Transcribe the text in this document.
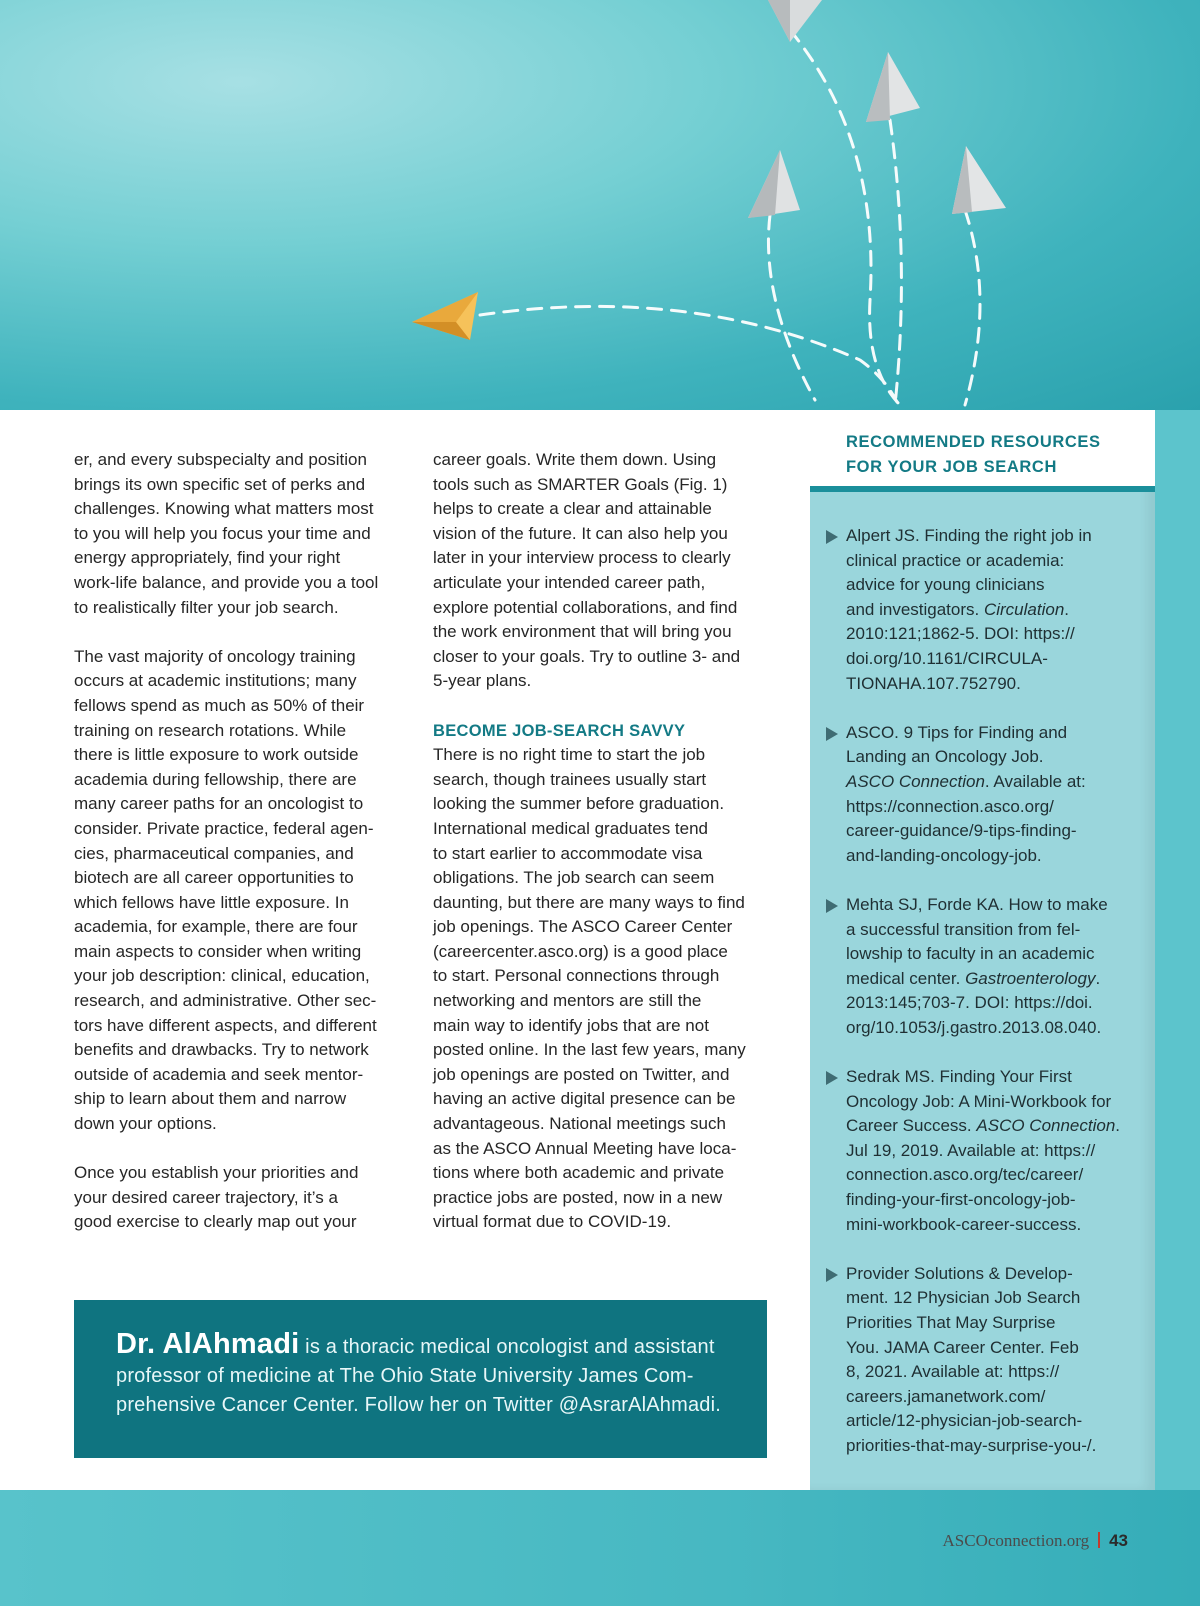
er, and every subspecialty and position
brings its own specific set of perks and
challenges. Knowing what matters most
to you will help you focus your time and
energy appropriately, find your right
work-life balance, and provide you a tool
to realistically filter your job search.

The vast majority of oncology training
occurs at academic institutions; many
fellows spend as much as 50% of their
training on research rotations. While
there is little exposure to work outside
academia during fellowship, there are
many career paths for an oncologist to
consider. Private practice, federal agen-
cies, pharmaceutical companies, and
biotech are all career opportunities to
which fellows have little exposure. In
academia, for example, there are four
main aspects to consider when writing
your job description: clinical, education,
research, and administrative. Other sec-
tors have different aspects, and different
benefits and drawbacks. Try to network
outside of academia and seek mentor-
ship to learn about them and narrow
down your options.

Once you establish your priorities and
your desired career trajectory, it’s a
good exercise to clearly map out your

career goals. Write them down. Using
tools such as SMARTER Goals (Fig. 1)
helps to create a clear and attainable
vision of the future. It can also help you
later in your interview process to clearly
articulate your intended career path,
explore potential collaborations, and find
the work environment that will bring you
closer to your goals. Try to outline 3- and
5-year plans.

BECOME JOB-SEARCH SAVVY

There is no right time to start the job
search, though trainees usually start
looking the summer before graduation.
International medical graduates tend
to start earlier to accommodate visa
obligations. The job search can seem
daunting, but there are many ways to find
job openings. The ASCO Career Center
(careercenter.asco.org) is a good place
to start. Personal connections through
networking and mentors are still the
main way to identify jobs that are not
posted online. In the last few years, many
job openings are posted on Twitter, and
having an active digital presence can be
advantageous. National meetings such
as the ASCO Annual Meeting have loca-
tions where both academic and private
practice jobs are posted, now in a new
virtual format due to COVID-19.

Dr. AlAhmadi is a thoracic medical oncologist and assistant professor of medicine at The Ohio State University James Com-prehensive Cancer Center. Follow her on Twitter @AsrarAlAhmadi.
RECOMMENDED RESOURCES
FOR YOUR JOB SEARCH
Alpert JS. Finding the right job in
clinical practice or academia:
advice for young clinicians
and investigators. Circulation.
2010:121;1862-5. DOI: https://
doi.org/10.1161/CIRCULA-
TIONAHA.107.752790.
ASCO. 9 Tips for Finding and
Landing an Oncology Job.
ASCO Connection. Available at:
https://connection.asco.org/
career-guidance/9-tips-finding-
and-landing-oncology-job.
Mehta SJ, Forde KA. How to make
a successful transition from fel-
lowship to faculty in an academic
medical center. Gastroenterology.
2013:145;703-7. DOI: https://doi.
org/10.1053/j.gastro.2013.08.040.
Sedrak MS. Finding Your First
Oncology Job: A Mini-Workbook for
Career Success. ASCO Connection.
Jul 19, 2019. Available at: https://
connection.asco.org/tec/career/
finding-your-first-oncology-job-
mini-workbook-career-success.
Provider Solutions & Develop-
ment. 12 Physician Job Search
Priorities That May Surprise
You. JAMA Career Center. Feb
8, 2021. Available at: https://
careers.jamanetwork.com/
article/12-physician-job-search-
priorities-that-may-surprise-you-/.
ASCOconnection.org 43
